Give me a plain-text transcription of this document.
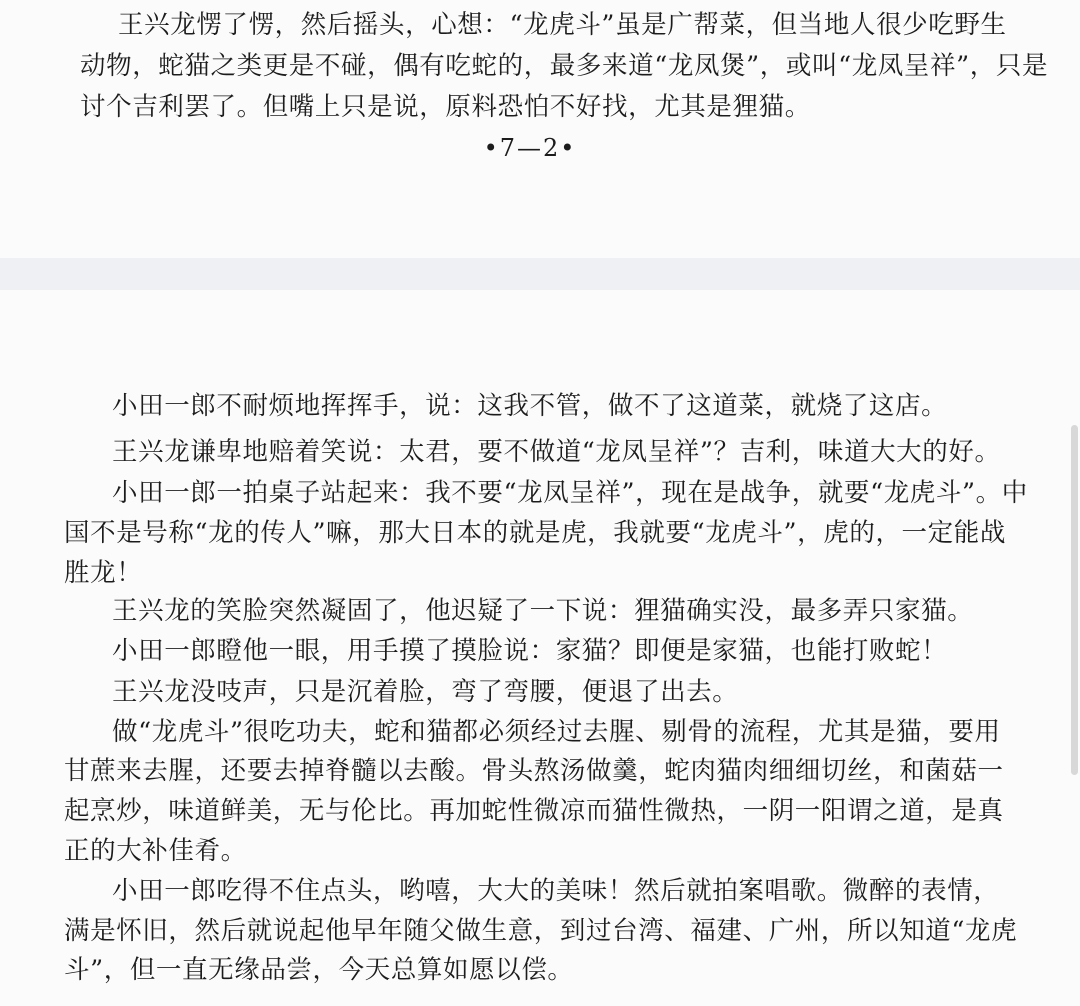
王兴龙愣了愣，然后摇头，心想：“龙虎斗”虽是广帮菜，但当地人很少吃野生
动物，蛇猫之类更是不碰，偶有吃蛇的，最多来道“龙凤煲”，或叫“龙凤呈祥”，只是
讨个吉利罢了。但嘴上只是说，原料恐怕不好找，尤其是狸猫。
•7—2•
小田一郎不耐烦地挥挥手，说：这我不管，做不了这道菜，就烧了这店。
王兴龙谦卑地赔着笑说：太君，要不做道“龙凤呈祥”？吉利，味道大大的好。
小田一郎一拍桌子站起来：我不要“龙凤呈祥”，现在是战争，就要“龙虎斗”。中
国不是号称“龙的传人”嘛，那大日本的就是虎，我就要“龙虎斗”，虎的，一定能战
胜龙！
王兴龙的笑脸突然凝固了，他迟疑了一下说：狸猫确实没，最多弄只家猫。
小田一郎瞪他一眼，用手摸了摸脸说：家猫？即便是家猫，也能打败蛇！
王兴龙没吱声，只是沉着脸，弯了弯腰，便退了出去。
做“龙虎斗”很吃功夫，蛇和猫都必须经过去腥、剔骨的流程，尤其是猫，要用
甘蔗来去腥，还要去掉脊髓以去酸。骨头熬汤做羹，蛇肉猫肉细细切丝，和菌菇一
起烹炒，味道鲜美，无与伦比。再加蛇性微凉而猫性微热，一阴一阳谓之道，是真
正的大补佳肴。
小田一郎吃得不住点头，哟嘻，大大的美味！然后就拍案唱歌。微醉的表情，
满是怀旧，然后就说起他早年随父做生意，到过台湾、福建、广州，所以知道“龙虎
斗”，但一直无缘品尝，今天总算如愿以偿。
